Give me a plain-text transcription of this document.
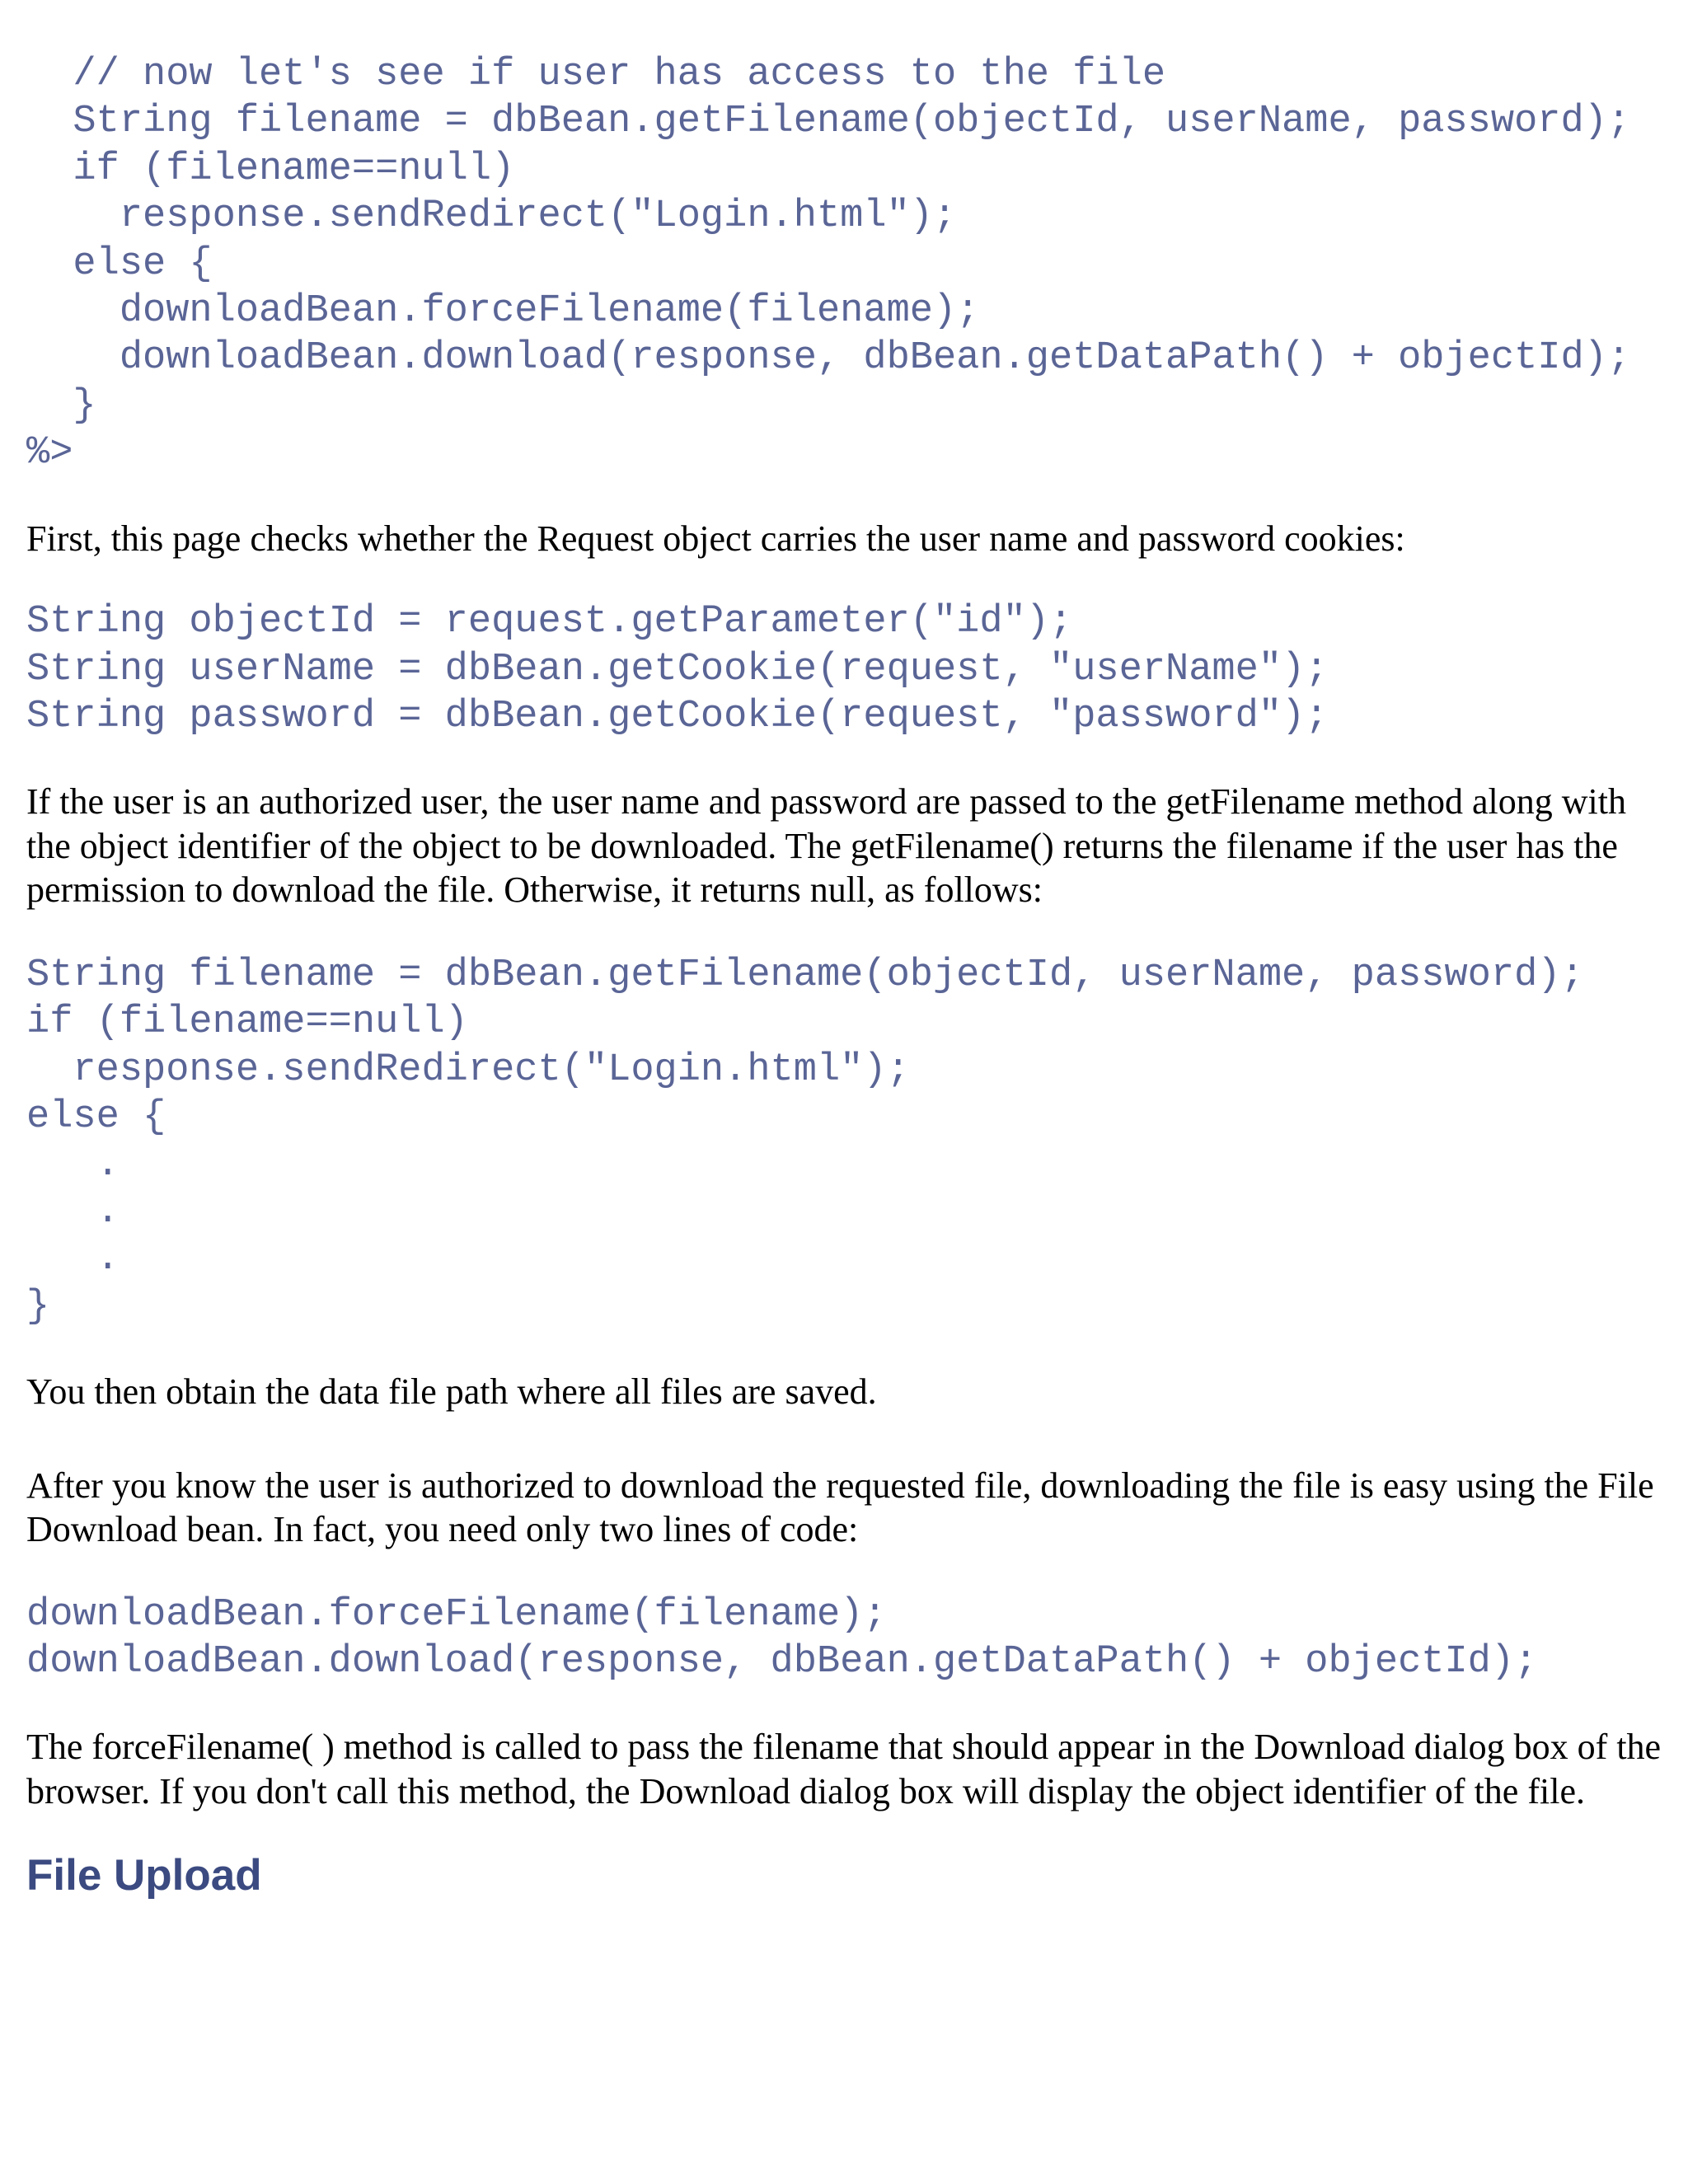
// now let's see if user has access to the file
String filename = dbBean.getFilename(objectId, userName, password);
if (filename==null)
response.sendRedirect("Login.html");
else {
downloadBean.forceFilename(filename);
downloadBean.download(response, dbBean.getDataPath() + objectId);
}
%>

First, this page checks whether the Request object carries the user name and password cookies:

String objectId = request.getParameter("id");
String userName = dbBean.getCookie(request, "userName");
String password = dbBean.getCookie(request, "password");

If the user is an authorized user, the user name and password are passed to the getFilename method along with the object identifier of the object to be downloaded. The getFilename() returns the filename if the user has the permission to download the file. Otherwise, it returns null, as follows:

String filename = dbBean.getFilename(objectId, userName, password);
if (filename==null)
response.sendRedirect("Login.html");
else {
.
.
.
}

You then obtain the data file path where all files are saved.

After you know the user is authorized to download the requested file, downloading the file is easy using the File Download bean. In fact, you need only two lines of code:

downloadBean.forceFilename(filename);
downloadBean.download(response, dbBean.getDataPath() + objectId);

The forceFilename( ) method is called to pass the filename that should appear in the Download dialog box of the browser. If you don't call this method, the Download dialog box will display the object identifier of the file.

File Upload
